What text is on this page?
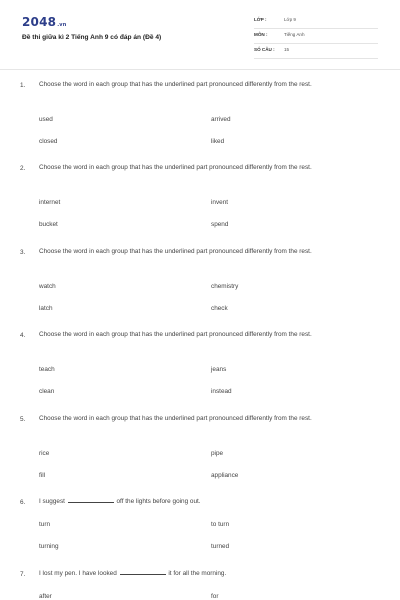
2048.vn
Đề thi giữa kì 2 Tiếng Anh 9 có đáp án (Đề 4)
LỚP :	Lớp 9
MÔN :	Tiếng Anh
SỐ CÂU : 15
1. Choose the word in each group that has the underlined part pronounced differently from the rest.
used	arrived
closed	liked
2. Choose the word in each group that has the underlined part pronounced differently from the rest.
internet	invent
bucket	spend
3. Choose the word in each group that has the underlined part pronounced differently from the rest.
watch	chemistry
latch	check
4. Choose the word in each group that has the underlined part pronounced differently from the rest.
teach	jeans
clean	instead
5. Choose the word in each group that has the underlined part pronounced differently from the rest.
rice	pipe
fill	appliance
6. I suggest	off the lights before going out.
turn	to turn
turning	turned
7. I lost my pen. I have looked	it for all the morning.
after	for
